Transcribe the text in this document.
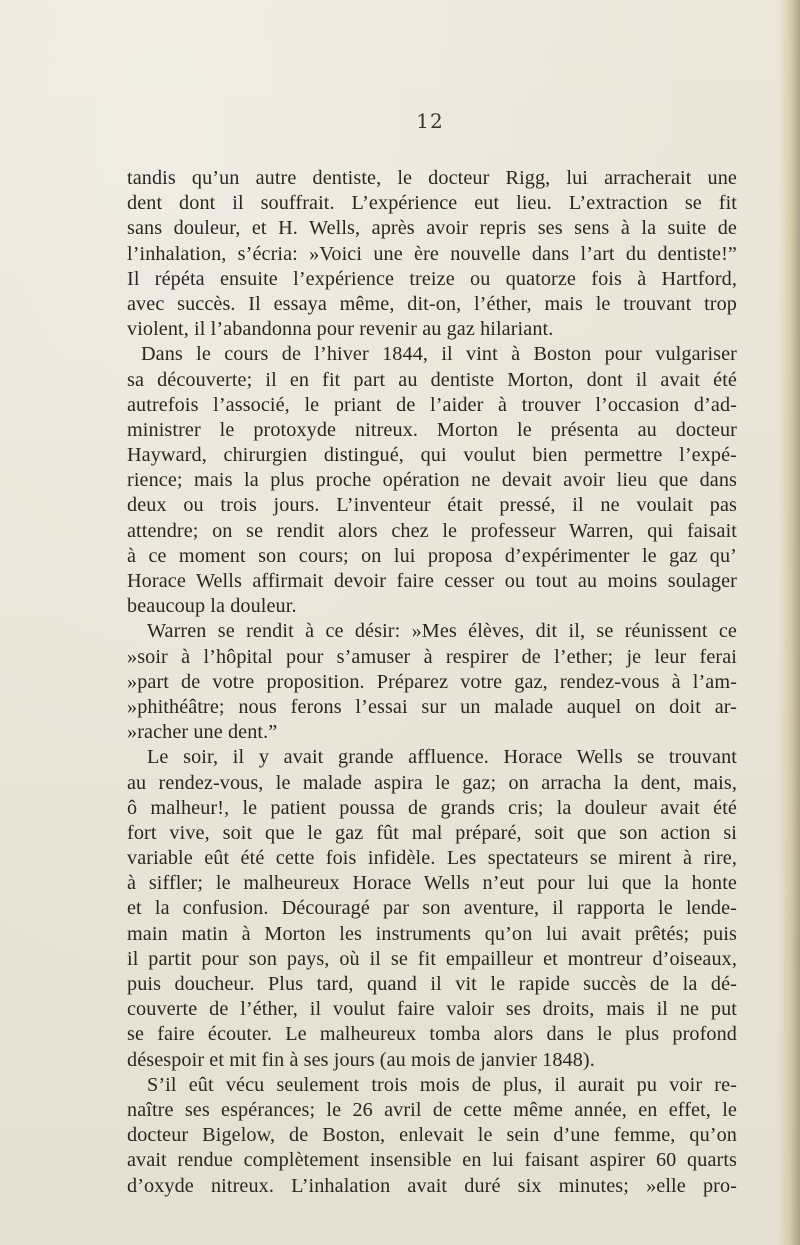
12
tandis qu’un autre dentiste, le docteur Rigg, lui arracherait une
dent dont il souffrait. L’expérience eut lieu. L’extraction se fit
sans douleur, et H. Wells, après avoir repris ses sens à la suite de
l’inhalation, s’écria: »Voici une ère nouvelle dans l’art du dentiste!”
Il répéta ensuite l’expérience treize ou quatorze fois à Hartford,
avec succès. Il essaya même, dit-on, l’éther, mais le trouvant trop
violent, il l’abandonna pour revenir au gaz hilariant.
Dans le cours de l’hiver 1844, il vint à Boston pour vulgariser
sa découverte; il en fit part au dentiste Morton, dont il avait été
autrefois l’associé, le priant de l’aider à trouver l’occasion d’ad-
ministrer le protoxyde nitreux. Morton le présenta au docteur
Hayward, chirurgien distingué, qui voulut bien permettre l’expé-
rience; mais la plus proche opération ne devait avoir lieu que dans
deux ou trois jours. L’inventeur était pressé, il ne voulait pas
attendre; on se rendit alors chez le professeur Warren, qui faisait
à ce moment son cours; on lui proposa d’expérimenter le gaz qu’
Horace Wells affirmait devoir faire cesser ou tout au moins soulager
beaucoup la douleur.
Warren se rendit à ce désir: »Mes élèves, dit il, se réunissent ce
»soir à l’hôpital pour s’amuser à respirer de l’ether; je leur ferai
»part de votre proposition. Préparez votre gaz, rendez-vous à l’am-
»phithéâtre; nous ferons l’essai sur un malade auquel on doit ar-
»racher une dent.”
Le soir, il y avait grande affluence. Horace Wells se trouvant
au rendez-vous, le malade aspira le gaz; on arracha la dent, mais,
ô malheur!, le patient poussa de grands cris; la douleur avait été
fort vive, soit que le gaz fût mal préparé, soit que son action si
variable eût été cette fois infidèle. Les spectateurs se mirent à rire,
à siffler; le malheureux Horace Wells n’eut pour lui que la honte
et la confusion. Découragé par son aventure, il rapporta le lende-
main matin à Morton les instruments qu’on lui avait prêtés; puis
il partit pour son pays, où il se fit empailleur et montreur d’oiseaux,
puis doucheur. Plus tard, quand il vit le rapide succès de la dé-
couverte de l’éther, il voulut faire valoir ses droits, mais il ne put
se faire écouter. Le malheureux tomba alors dans le plus profond
désespoir et mit fin à ses jours (au mois de janvier 1848).
S’il eût vécu seulement trois mois de plus, il aurait pu voir re-
naître ses espérances; le 26 avril de cette même année, en effet, le
docteur Bigelow, de Boston, enlevait le sein d’une femme, qu’on
avait rendue complètement insensible en lui faisant aspirer 60 quarts
d’oxyde nitreux. L’inhalation avait duré six minutes; »elle pro-
